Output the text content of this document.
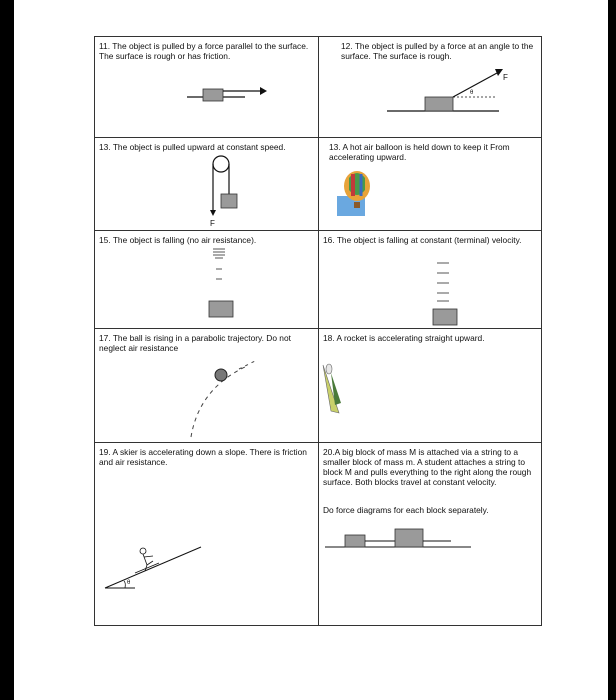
11. The object is pulled by a force parallel to the surface. The surface is rough or has friction.
12. The object is pulled by a force at an angle to the surface. The surface is rough.
θ
F
13. The object is pulled upward at constant speed.
F
13. A hot air balloon is held down to keep it From accelerating upward.
15. The object is falling (no air resistance).	16. The object is falling at constant (terminal) velocity.
17. The ball is rising in a parabolic trajectory. Do not neglect air resistance
18. A rocket is accelerating straight upward.
19. A skier is accelerating down a slope. There is friction and air resistance.
θ
20.A big block of mass M is attached via a string to a smaller block of mass m. A student attaches a string to block M and pulls everything to the right along the rough surface. Both blocks travel at constant velocity.
Do force diagrams for each block separately.
